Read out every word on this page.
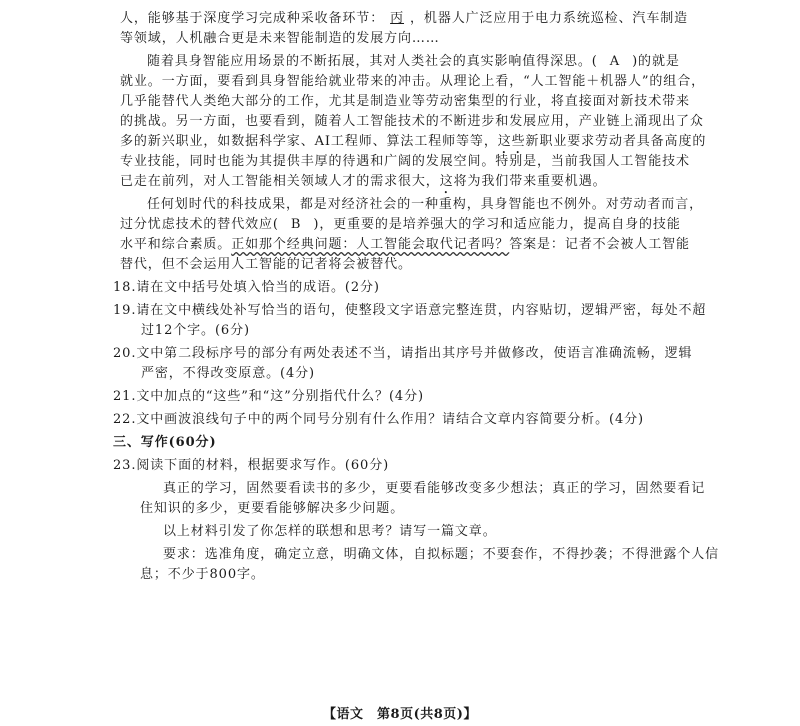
人，能够基于深度学习完成种采收备环节： 丙 ，机器人广泛应用于电力系统巡检、汽车制造
等领域，人机融合更是未来智能制造的发展方向……
随着具身智能应用场景的不断拓展，其对人类社会的真实影响值得深思。( A )的就是
就业。一方面，要看到具身智能给就业带来的冲击。从理论上看，“人工智能＋机器人”的组合，
几乎能替代人类绝大部分的工作，尤其是制造业等劳动密集型的行业，将直接面对新技术带来
的挑战。另一方面，也要看到，随着人工智能技术的不断进步和发展应用，产业链上涌现出了众
多的新兴职业，如数据科学家、AI工程师、算法工程师等等，这些新职业要求劳动者具备高度的
专业技能，同时也能为其提供丰厚的待遇和广阔的发展空间。特别是，当前我国人工智能技术
已走在前列，对人工智能相关领域人才的需求很大，这将为我们带来重要机遇。
任何划时代的科技成果，都是对经济社会的一种重构，具身智能也不例外。对劳动者而言，
过分忧虑技术的替代效应( B )，更重要的是培养强大的学习和适应能力，提高自身的技能
水平和综合素质。正如那个经典问题：人工智能会取代记者吗？答案是：记者不会被人工智能
替代，但不会运用人工智能的记者将会被替代。
18.请在文中括号处填入恰当的成语。(2分)
19.请在文中横线处补写恰当的语句，使整段文字语意完整连贯，内容贴切，逻辑严密，每处不超
过12个字。(6分)
20.文中第二段标序号的部分有两处表述不当，请指出其序号并做修改，使语言准确流畅，逻辑
严密，不得改变原意。(4分)
21.文中加点的“这些”和“这”分别指代什么？(4分)
22.文中画波浪线句子中的两个同号分别有什么作用？请结合文章内容简要分析。(4分)
三、写作(60分)
23.阅读下面的材料，根据要求写作。(60分)
真正的学习，固然要看读书的多少，更要看能够改变多少想法；真正的学习，固然要看记
住知识的多少，更要看能够解决多少问题。
以上材料引发了你怎样的联想和思考？请写一篇文章。
要求：选准角度，确定立意，明确文体，自拟标题；不要套作，不得抄袭；不得泄露个人信
息；不少于800字。
【语文　第8页(共8页)】
